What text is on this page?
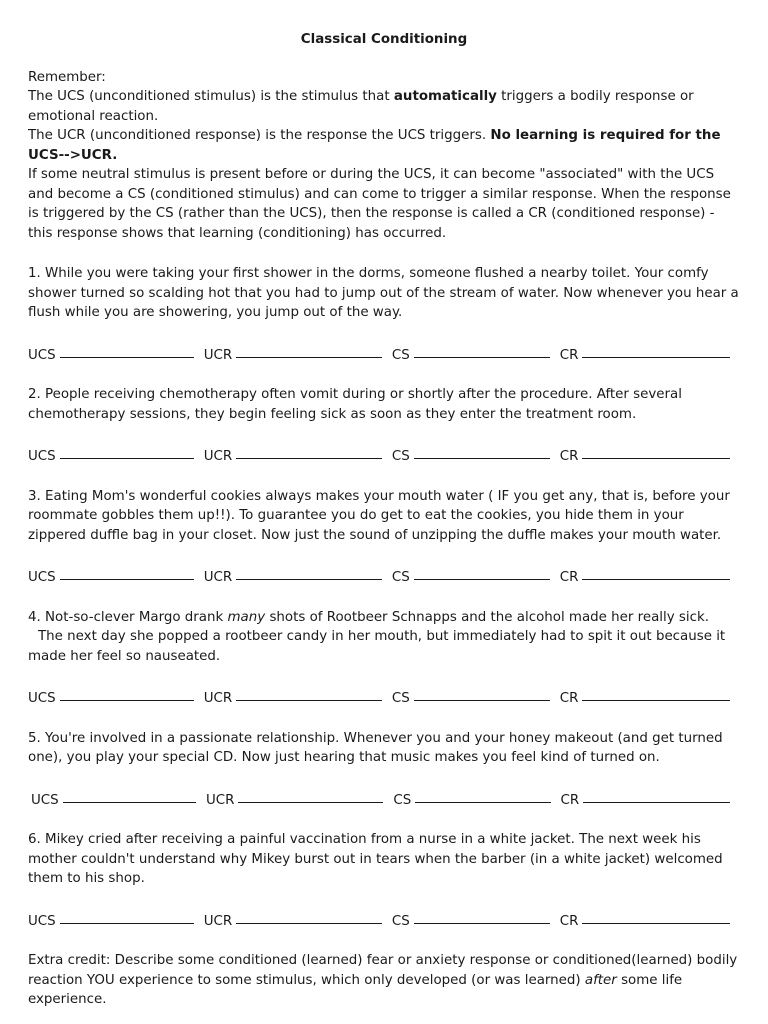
Classical Conditioning

Remember:

The UCS (unconditioned stimulus) is the stimulus that automatically triggers a bodily response or emotional reaction.

The UCR (unconditioned response) is the response the UCS triggers. No learning is required for the UCS-->UCR.

If some neutral stimulus is present before or during the UCS, it can become "associated" with the UCS and become a CS (conditioned stimulus) and can come to trigger a similar response. When the response is triggered by the CS (rather than the UCS), then the response is called a CR (conditioned response) - this response shows that learning (conditioning) has occurred.

1. While you were taking your first shower in the dorms, someone flushed a nearby toilet. Your comfy shower turned so scalding hot that you had to jump out of the stream of water. Now whenever you hear a flush while you are showering, you jump out of the way.

UCS	UCR	CS	CR

2. People receiving chemotherapy often vomit during or shortly after the procedure. After several chemotherapy sessions, they begin feeling sick as soon as they enter the treatment room.

UCS	UCR	CS	CR

3. Eating Mom's wonderful cookies always makes your mouth water ( IF you get any, that is, before your roommate gobbles them up!!). To guarantee you do get to eat the cookies, you hide them in your zippered duffle bag in your closet. Now just the sound of unzipping the duffle makes your mouth water.

UCS	UCR	CS	CR

4. Not-so-clever Margo drank many shots of Rootbeer Schnapps and the alcohol made her really sick.

The next day she popped a rootbeer candy in her mouth, but immediately had to spit it out because it made her feel so nauseated.

UCS	UCR	CS	CR

5. You're involved in a passionate relationship. Whenever you and your honey makeout (and get turned one), you play your special CD. Now just hearing that music makes you feel kind of turned on.

UCS	UCR	CS	CR

6. Mikey cried after receiving a painful vaccination from a nurse in a white jacket. The next week his mother couldn't understand why Mikey burst out in tears when the barber (in a white jacket) welcomed them to his shop.

UCS	UCR	CS	CR

Extra credit: Describe some conditioned (learned) fear or anxiety response or conditioned(learned) bodily reaction YOU experience to some stimulus, which only developed (or was learned) after some life experience.
